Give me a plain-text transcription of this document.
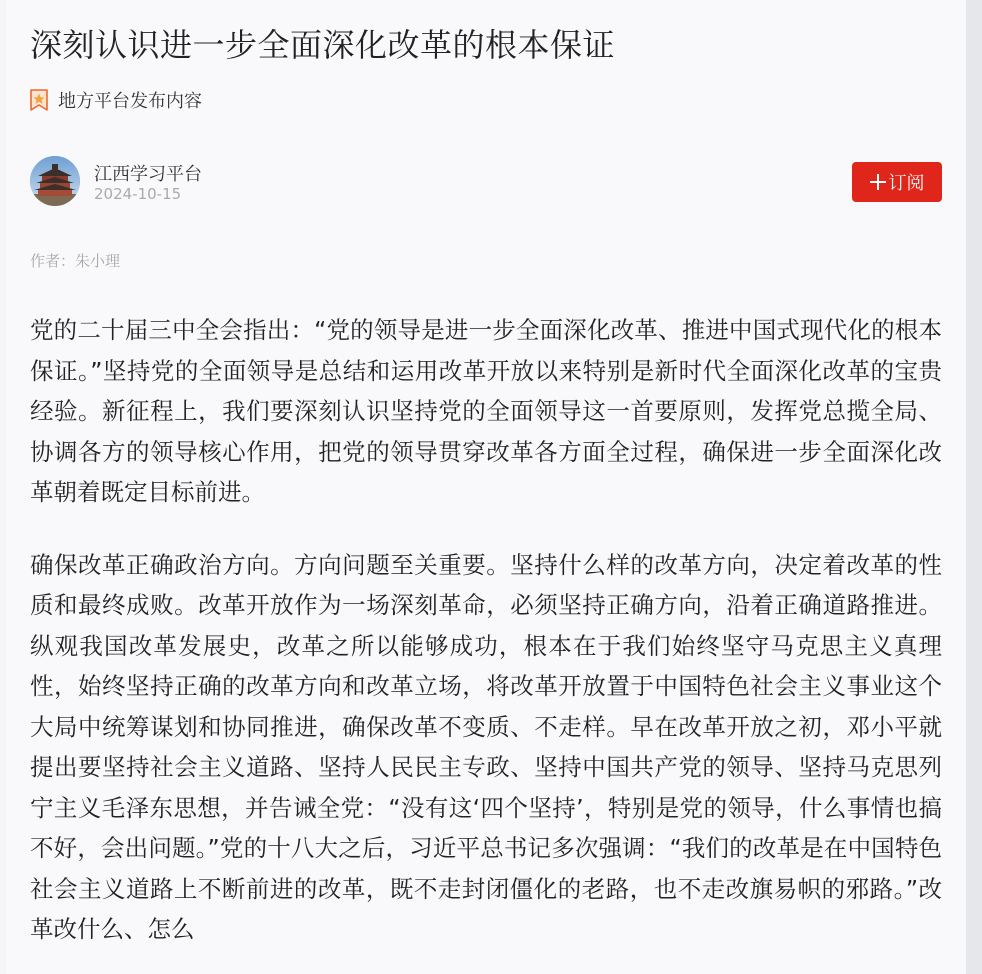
深刻认识进一步全面深化改革的根本保证
地方平台发布内容
江西学习平台
2024-10-15	订阅
作者：朱小理

党的二十届三中全会指出：“党的领导是进一步全面深化改革、推进中国式现代化的根本保证。”坚持党的全面领导是总结和运用改革开放以来特别是新时代全面深化改革的宝贵经验。新征程上，我们要深刻认识坚持党的全面领导这一首要原则，发挥党总揽全局、协调各方的领导核心作用，把党的领导贯穿改革各方面全过程，确保进一步全面深化改革朝着既定目标前进。

确保改革正确政治方向。方向问题至关重要。坚持什么样的改革方向，决定着改革的性质和最终成败。改革开放作为一场深刻革命，必须坚持正确方向，沿着正确道路推进。纵观我国改革发展史，改革之所以能够成功，根本在于我们始终坚守马克思主义真理性，始终坚持正确的改革方向和改革立场，将改革开放置于中国特色社会主义事业这个大局中统筹谋划和协同推进，确保改革不变质、不走样。早在改革开放之初，邓小平就提出要坚持社会主义道路、坚持人民民主专政、坚持中国共产党的领导、坚持马克思列宁主义毛泽东思想，并告诫全党：“没有这‘四个坚持’，特别是党的领导，什么事情也搞不好，会出问题。”党的十八大之后，习近平总书记多次强调：“我们的改革是在中国特色社会主义道路上不断前进的改革，既不走封闭僵化的老路，也不走改旗易帜的邪路。”改革改什么、怎么
